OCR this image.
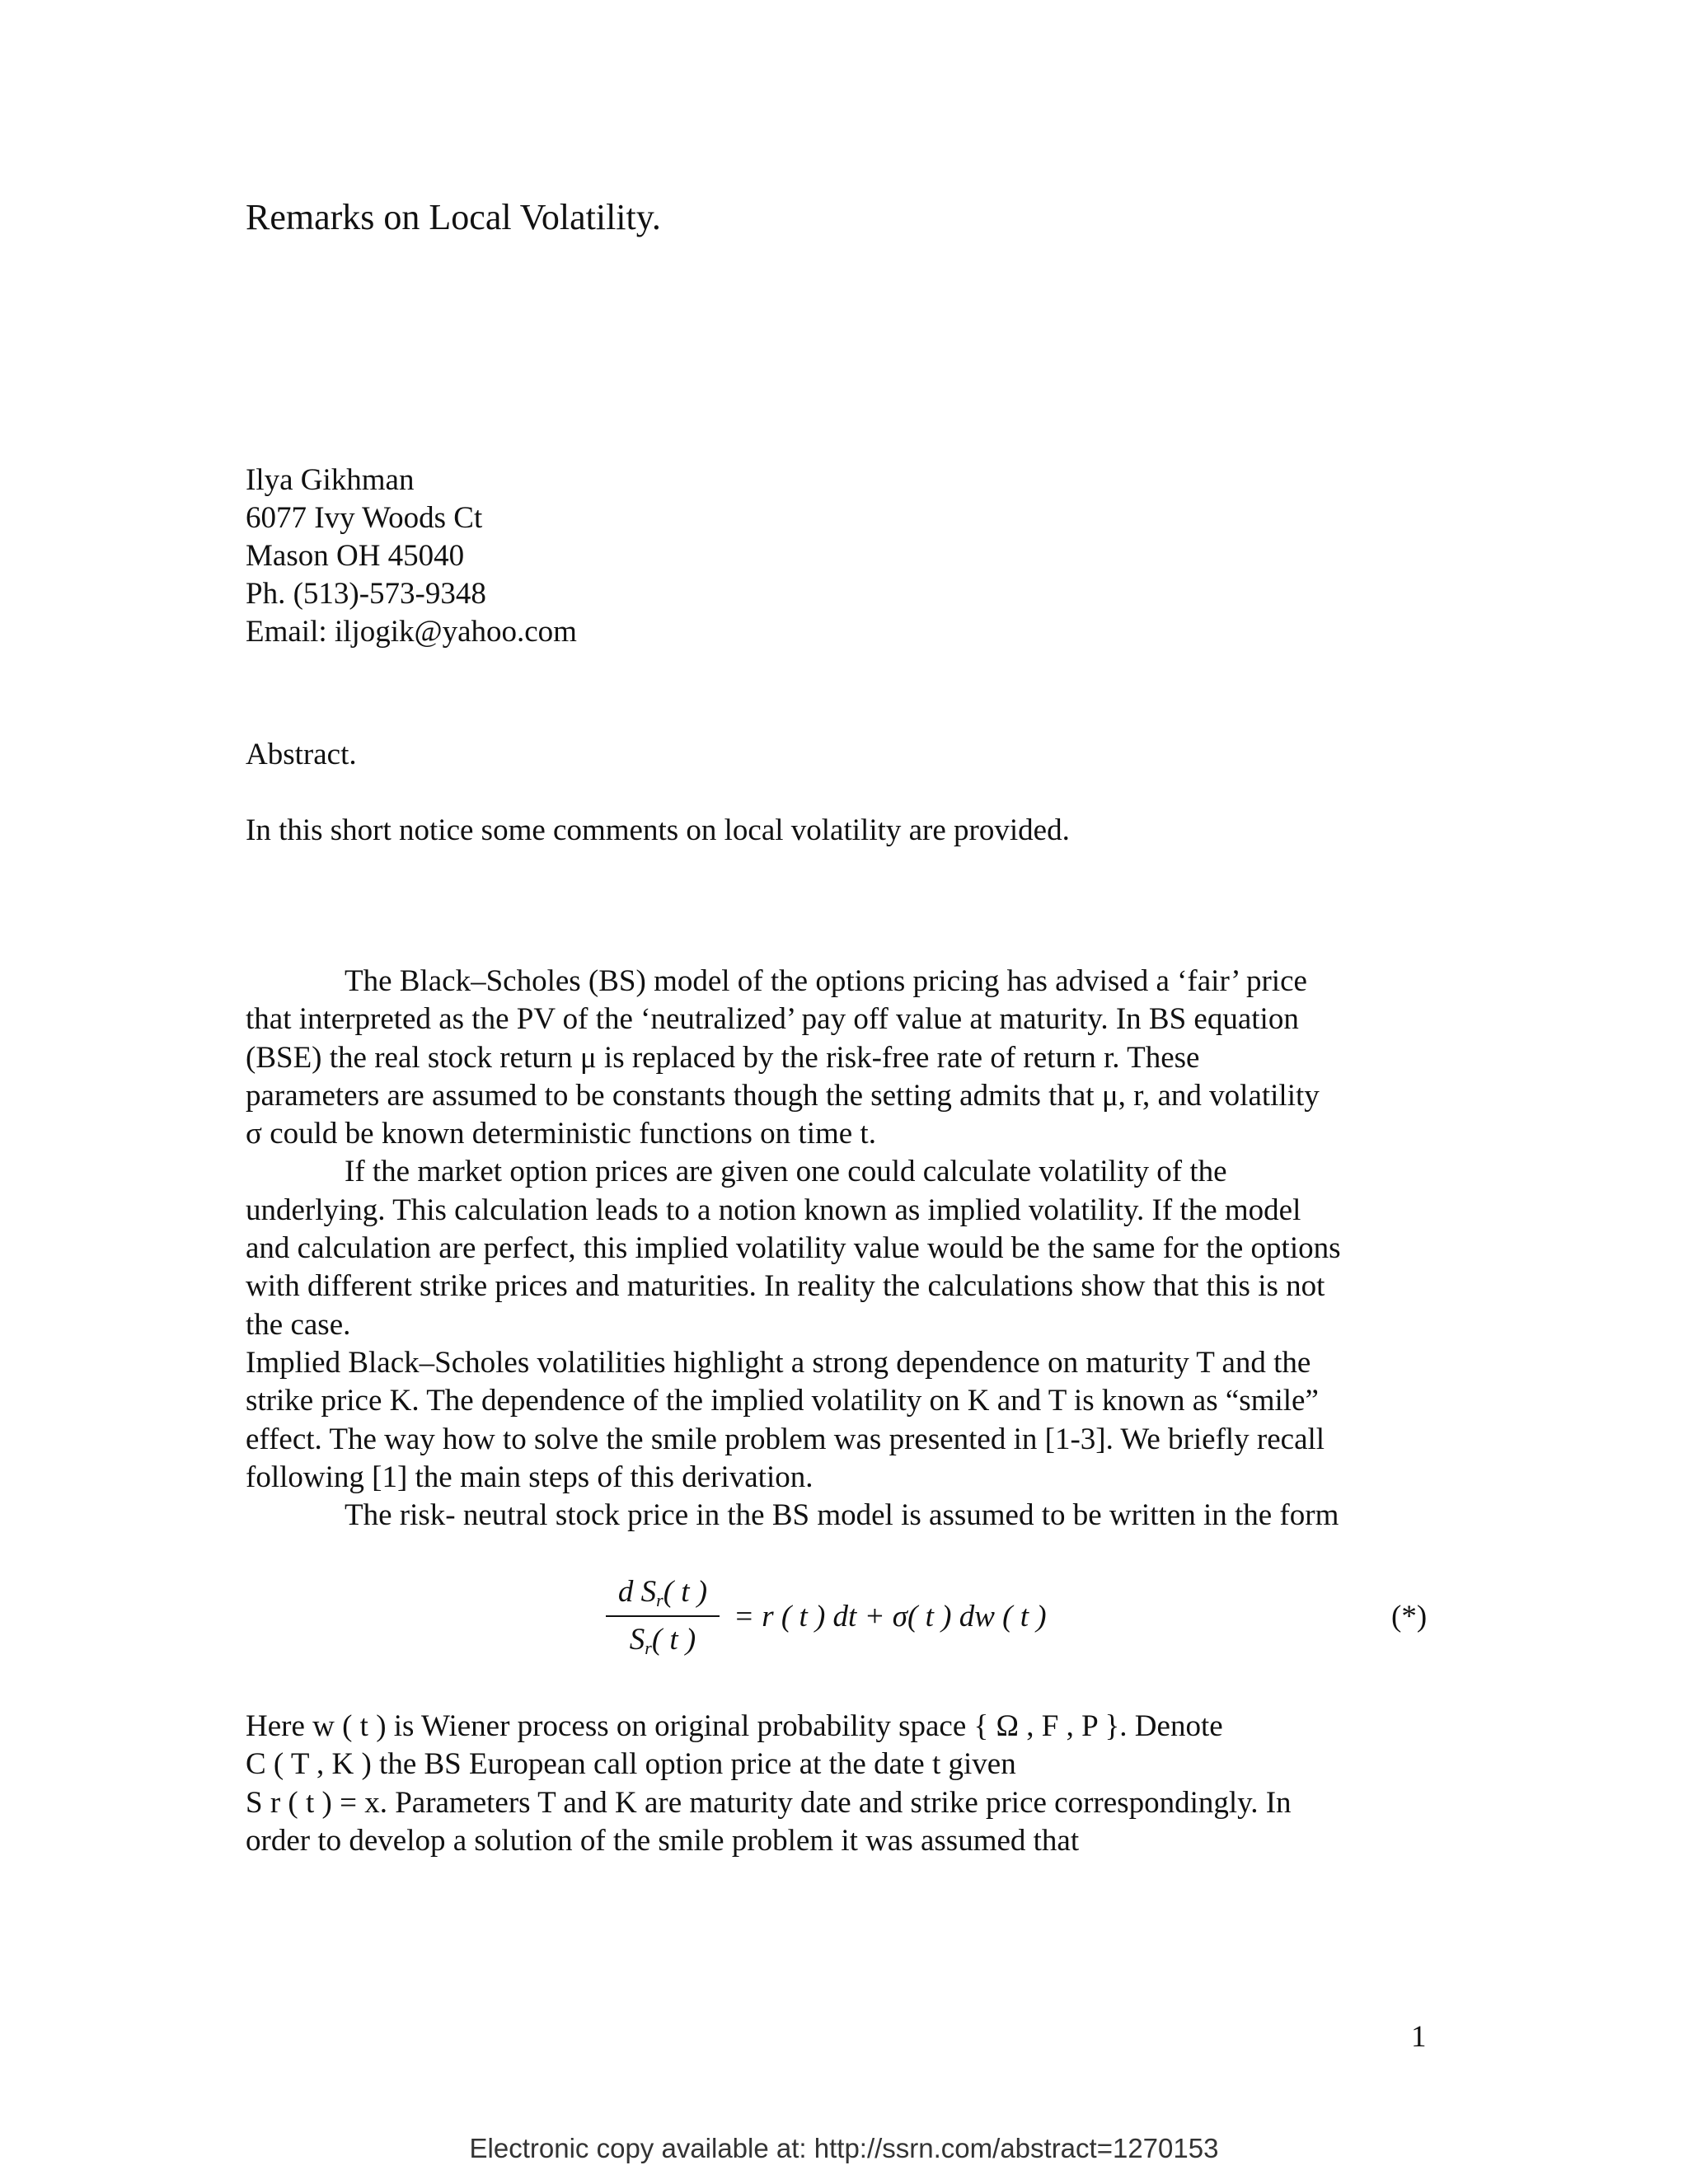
Remarks on Local Volatility.
Ilya Gikhman
6077 Ivy Woods Ct
Mason OH 45040
Ph. (513)-573-9348
Email: iljogik@yahoo.com
Abstract.
In this short notice some comments on local volatility are provided.
The Black–Scholes (BS) model of the options pricing has advised a ‘fair’ price
that interpreted as the PV of the ‘neutralized’ pay off value at maturity. In BS equation
(BSE) the real stock return μ is replaced by the risk-free rate of return r. These
parameters are assumed to be constants though the setting admits that μ, r, and volatility
σ could be known deterministic functions on time t.
If the market option prices are given one could calculate volatility of the
underlying. This calculation leads to a notion known as implied volatility. If the model
and calculation are perfect, this implied volatility value would be the same for the options
with different strike prices and maturities. In reality the calculations show that this is not
the case.
Implied Black–Scholes volatilities highlight a strong dependence on maturity T and the
strike price K. The dependence of the implied volatility on K and T is known as “smile”
effect. The way how to solve the smile problem was presented in [1-3]. We briefly recall
following [1] the main steps of this derivation.
The risk- neutral stock price in the BS model is assumed to be written in the form
d $S_r$( t )
$S_r$( t )
= r ( t ) dt + σ( t ) dw ( t )	(*)
Here w ( t ) is Wiener process on original probability space { Ω , F , P }. Denote
C ( T , K ) the BS European call option price at the date t given
S r ( t ) = x. Parameters T and K are maturity date and strike price correspondingly. In
order to develop a solution of the smile problem it was assumed that
1
Electronic copy available at: http://ssrn.com/abstract=1270153
